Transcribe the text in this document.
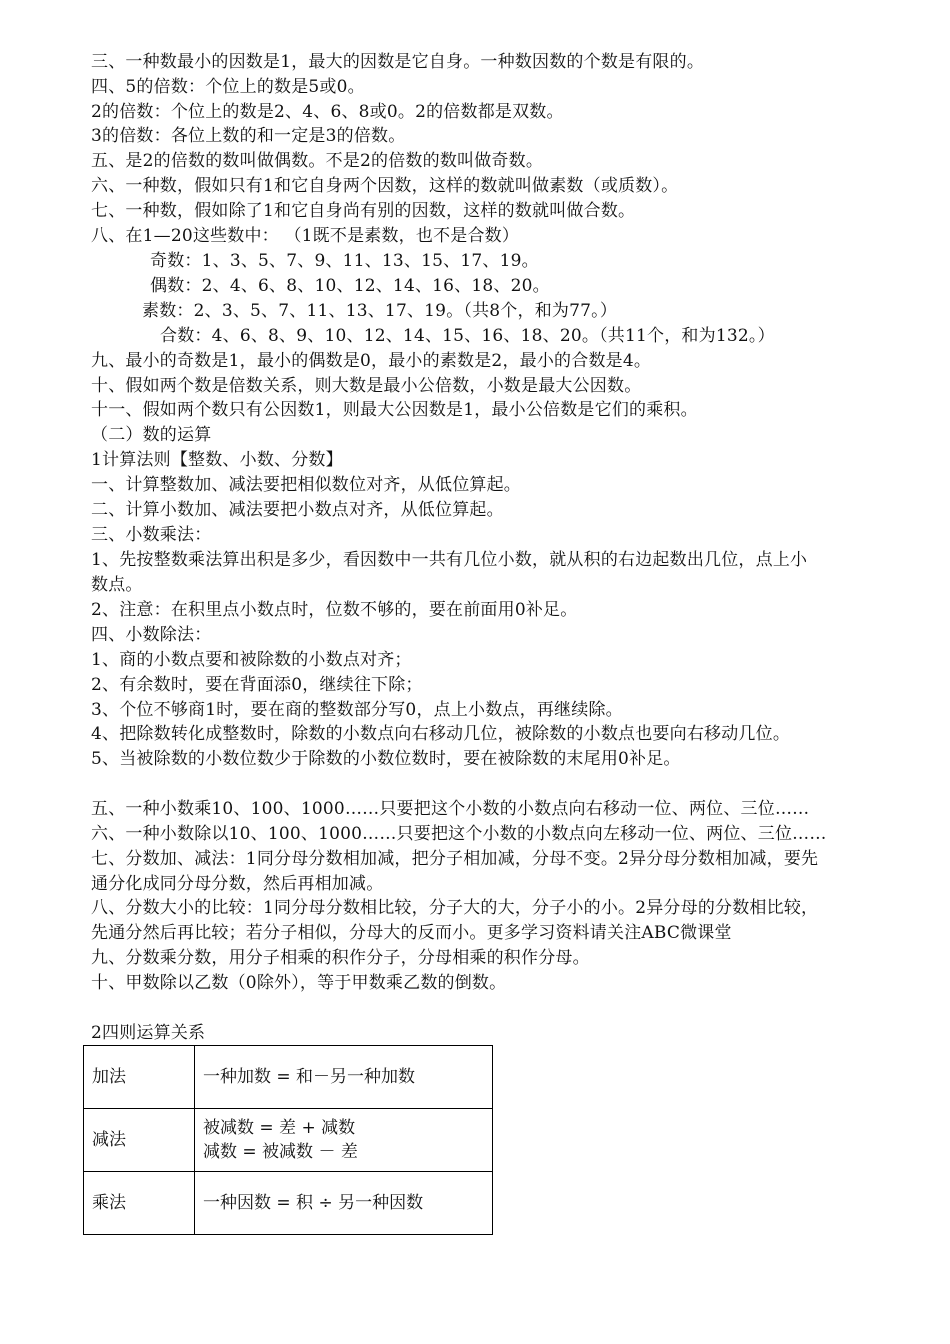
三、一种数最小的因数是1，最大的因数是它自身。一种数因数的个数是有限的。
四、5的倍数：个位上的数是5或0。
2的倍数：个位上的数是2、4、6、8或0。2的倍数都是双数。
3的倍数：各位上数的和一定是3的倍数。
五、是2的倍数的数叫做偶数。不是2的倍数的数叫做奇数。
六、一种数，假如只有1和它自身两个因数，这样的数就叫做素数（或质数）。
七、一种数，假如除了1和它自身尚有别的因数，这样的数就叫做合数。
八、在1—20这些数中： （1既不是素数，也不是合数）
奇数：1、3、5、7、9、11、13、15、17、19。
偶数：2、4、6、8、10、12、14、16、18、20。
素数：2、3、5、7、11、13、17、19。（共8个，和为77。）
合数：4、6、8、9、10、12、14、15、16、18、20。（共11个，和为132。）
九、最小的奇数是1，最小的偶数是0，最小的素数是2，最小的合数是4。
十、假如两个数是倍数关系，则大数是最小公倍数，小数是最大公因数。
十一、假如两个数只有公因数1，则最大公因数是1，最小公倍数是它们的乘积。
（二）数的运算
1计算法则【整数、小数、分数】
一、计算整数加、减法要把相似数位对齐，从低位算起。
二、计算小数加、减法要把小数点对齐，从低位算起。
三、小数乘法：
1、先按整数乘法算出积是多少，看因数中一共有几位小数，就从积的右边起数出几位，点上小
数点。
2、注意：在积里点小数点时，位数不够的，要在前面用0补足。
四、小数除法：
1、商的小数点要和被除数的小数点对齐；
2、有余数时，要在背面添0，继续往下除；
3、个位不够商1时，要在商的整数部分写0，点上小数点，再继续除。
4、把除数转化成整数时，除数的小数点向右移动几位，被除数的小数点也要向右移动几位。
5、当被除数的小数位数少于除数的小数位数时，要在被除数的末尾用0补足。
五、一种小数乘10、100、1000……只要把这个小数的小数点向右移动一位、两位、三位……
六、一种小数除以10、100、1000……只要把这个小数的小数点向左移动一位、两位、三位……
七、分数加、减法：1同分母分数相加减，把分子相加减，分母不变。2异分母分数相加减，要先
通分化成同分母分数，然后再相加减。
八、分数大小的比较：1同分母分数相比较，分子大的大，分子小的小。2异分母的分数相比较，
先通分然后再比较；若分子相似，分母大的反而小。更多学习资料请关注ABC微课堂
九、分数乘分数，用分子相乘的积作分子，分母相乘的积作分母。
十、甲数除以乙数（0除外），等于甲数乘乙数的倒数。
2四则运算关系
加法	一种加数 = 和－另一种加数

减法	被减数 = 差 + 减数
减数 = 被减数 － 差

乘法	一种因数 = 积 ÷ 另一种因数
